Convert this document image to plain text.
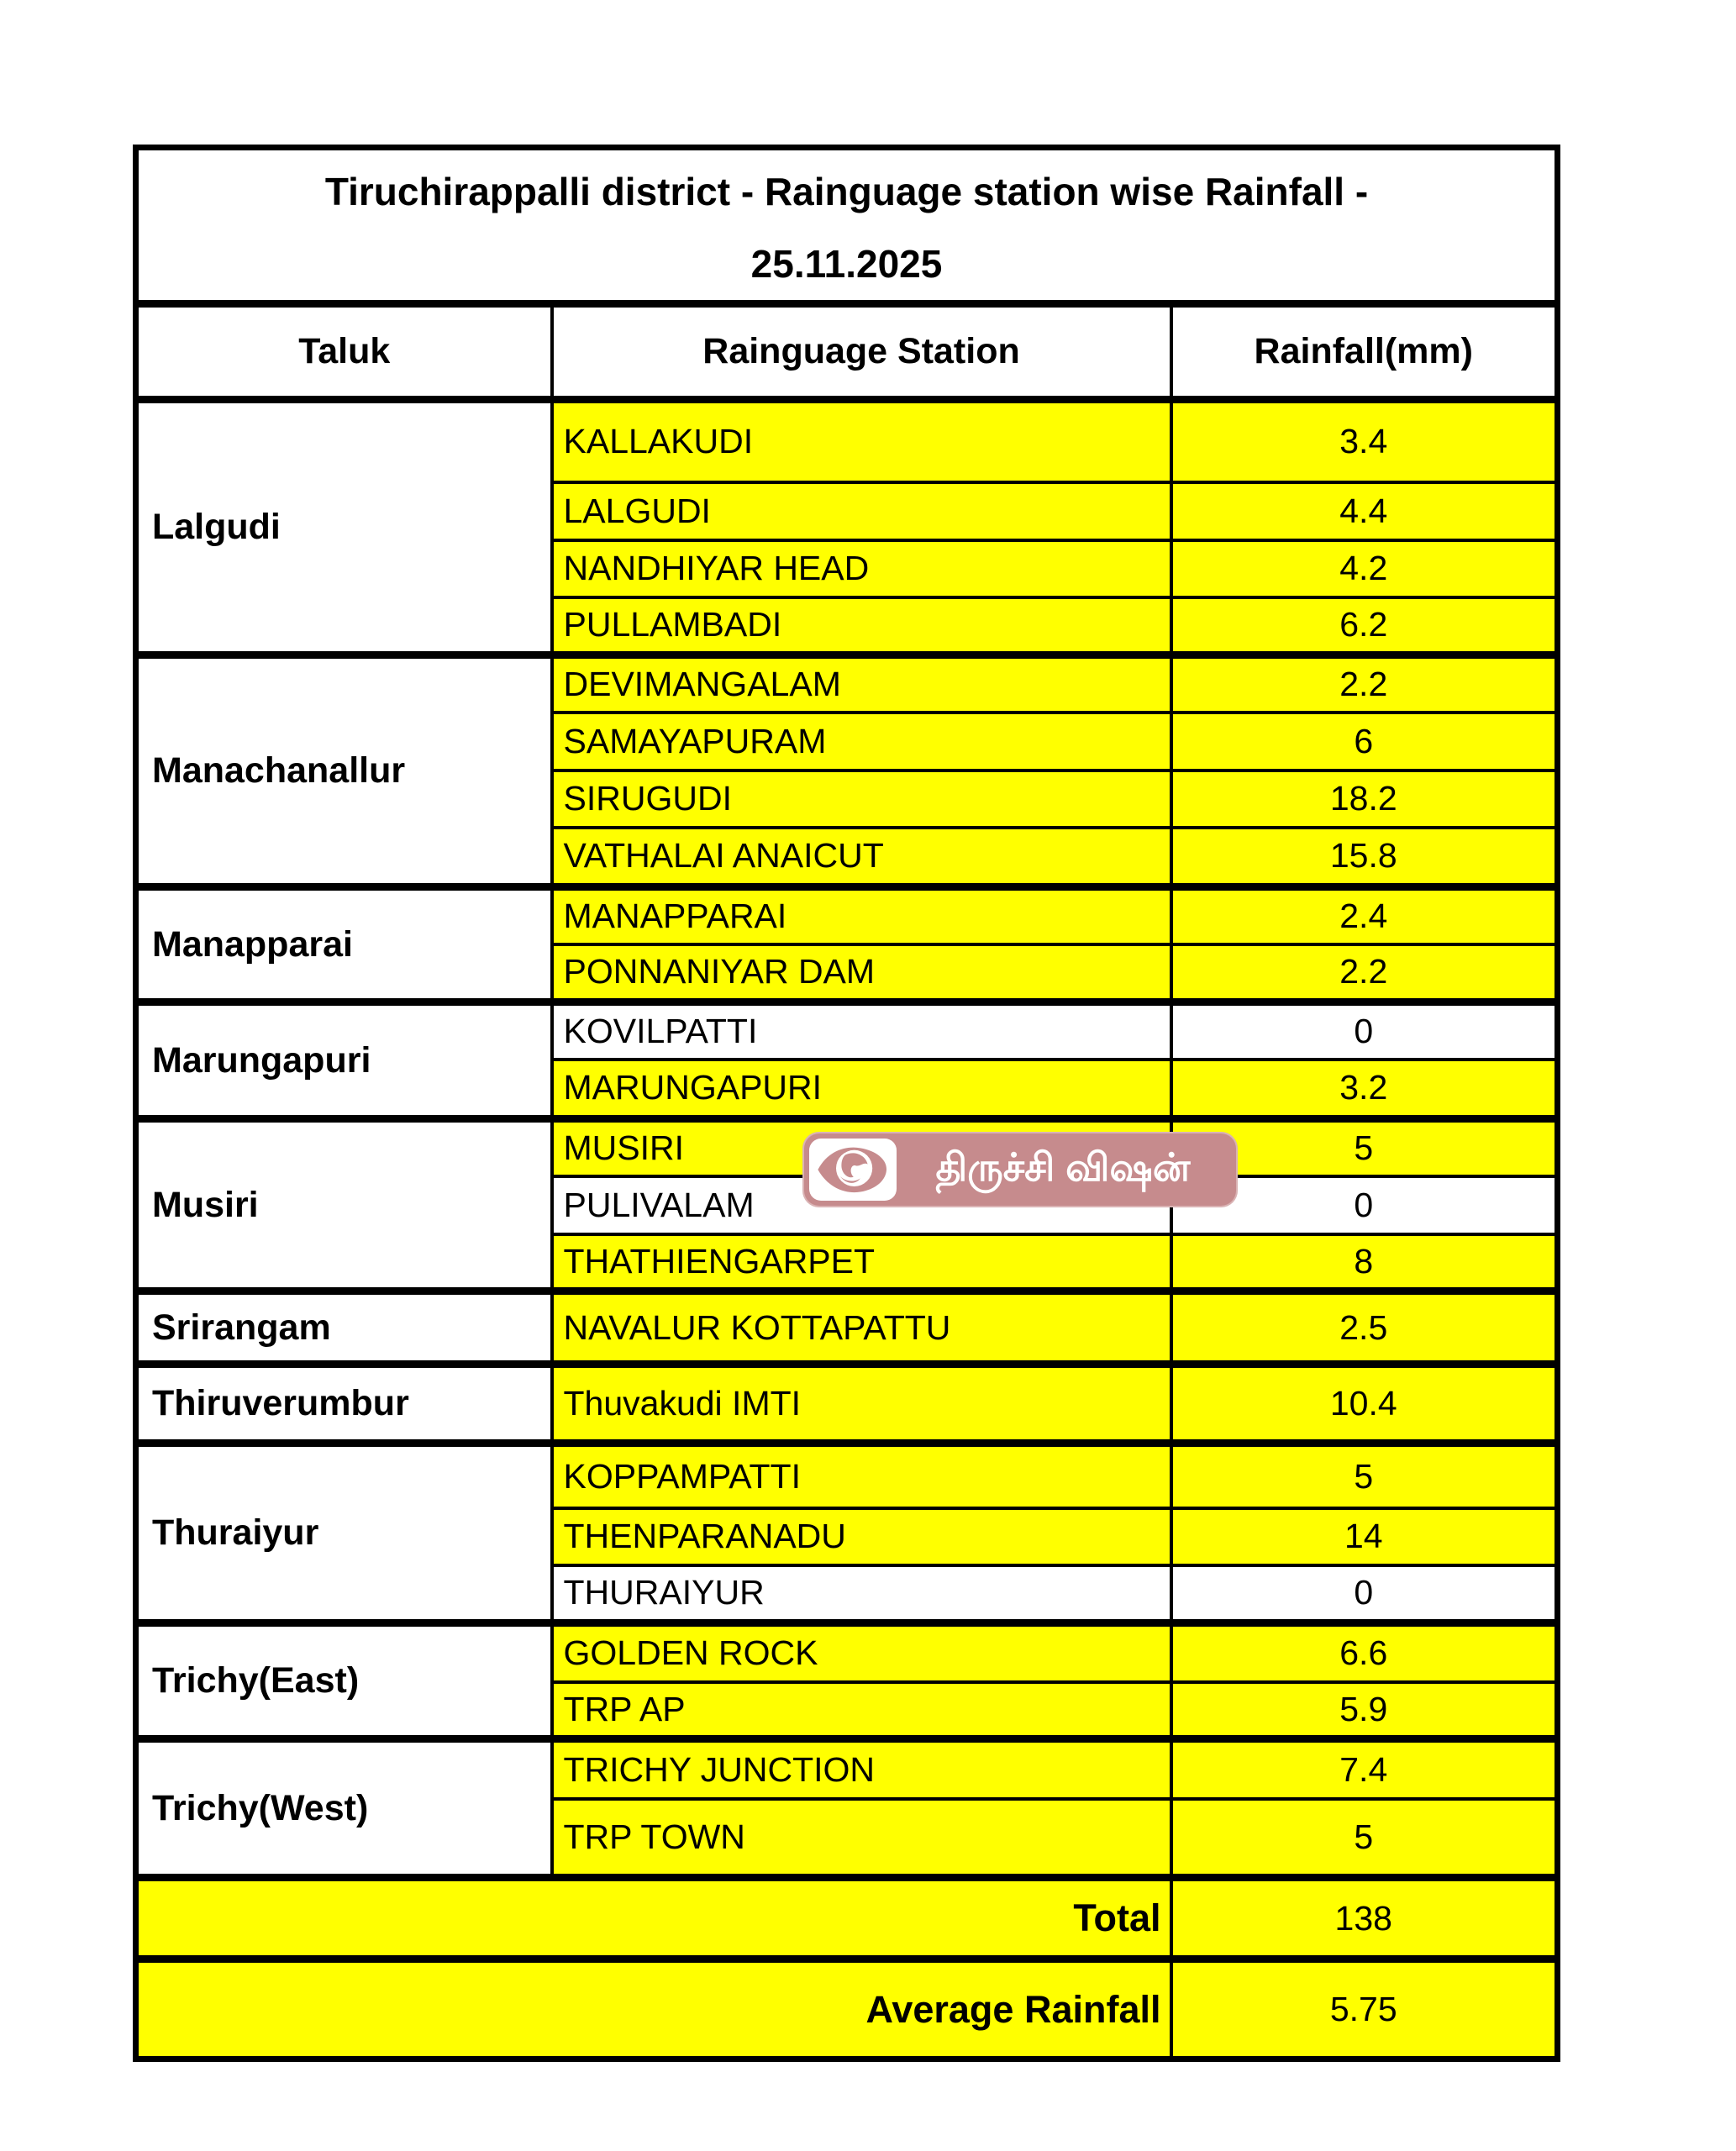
Tiruchirappalli district - Rainguage station wise Rainfall -
25.11.2025		

Taluk	Rainguage Station	Rainfall(mm)
Lalgudi	KALLAKUDI	3.4
	LALGUDI	4.4
	NANDHIYAR HEAD	4.2
	PULLAMBADI	6.2
Manachanallur	DEVIMANGALAM	2.2
	SAMAYAPURAM	6
	SIRUGUDI	18.2
	VATHALAI ANAICUT	15.8
Manapparai	MANAPPARAI	2.4
	PONNANIYAR DAM	2.2
Marungapuri	KOVILPATTI	0
	MARUNGAPURI	3.2
Musiri	MUSIRI	5
	PULIVALAM	0
	THATHIENGARPET	8
Srirangam	NAVALUR KOTTAPATTU	2.5
Thiruverumbur	Thuvakudi IMTI	10.4
Thuraiyur	KOPPAMPATTI	5
	THENPARANADU	14
	THURAIYUR	0
Trichy(East)	GOLDEN ROCK	6.6
	TRP AP	5.9
Trichy(West)	TRICHY JUNCTION	7.4
	TRP TOWN	5
Total		138
Average Rainfall		5.75
திருச்சி விஷன்
